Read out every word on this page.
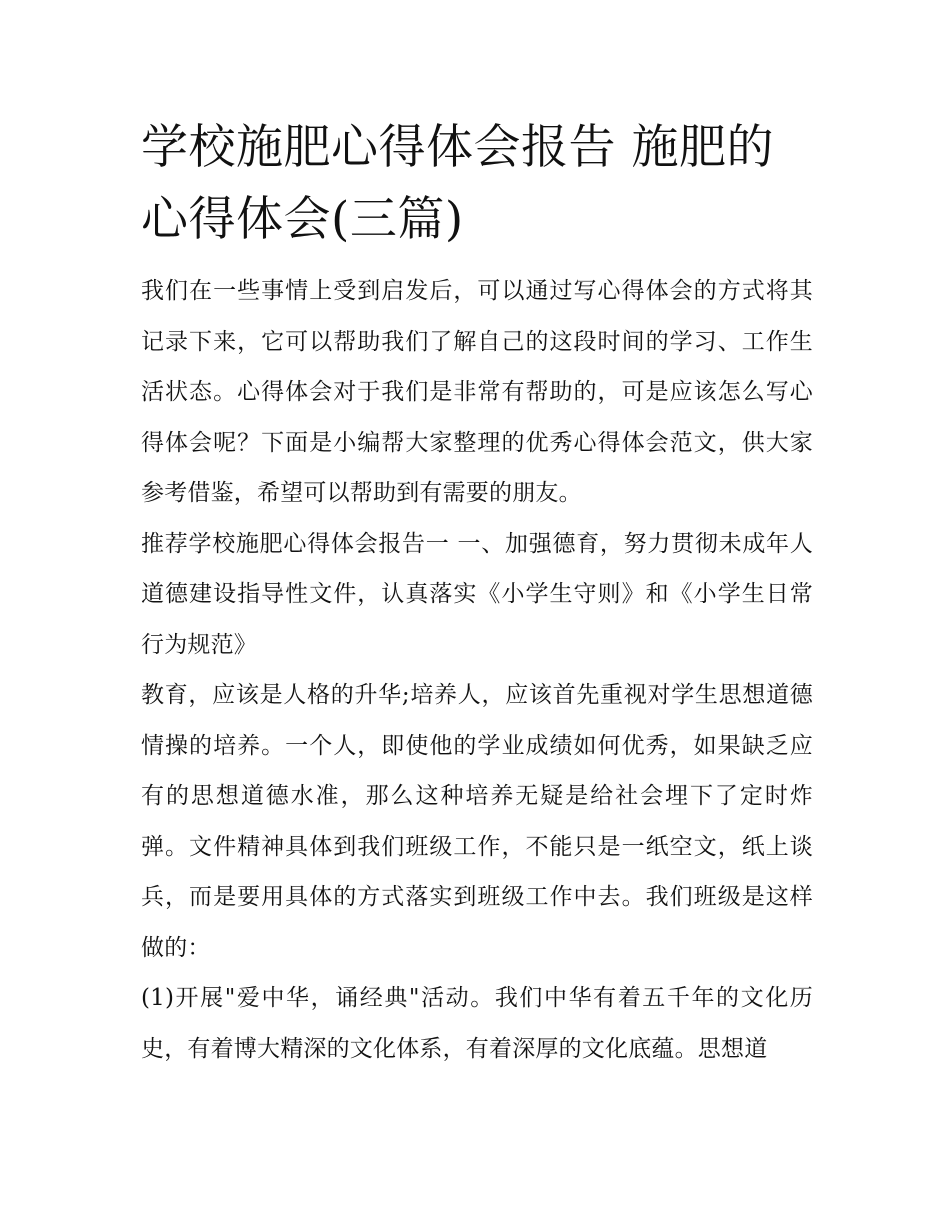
学校施肥心得体会报告 施肥的心得体会(三篇)

我们在一些事情上受到启发后，可以通过写心得体会的方式将其记录下来，它可以帮助我们了解自己的这段时间的学习、工作生活状态。心得体会对于我们是非常有帮助的，可是应该怎么写心得体会呢？下面是小编帮大家整理的优秀心得体会范文，供大家参考借鉴，希望可以帮助到有需要的朋友。

推荐学校施肥心得体会报告一 一、加强德育，努力贯彻未成年人道德建设指导性文件，认真落实《小学生守则》和《小学生日常行为规范》

教育，应该是人格的升华;培养人，应该首先重视对学生思想道德情操的培养。一个人，即使他的学业成绩如何优秀，如果缺乏应有的思想道德水准，那么这种培养无疑是给社会埋下了定时炸弹。文件精神具体到我们班级工作，不能只是一纸空文，纸上谈兵，而是要用具体的方式落实到班级工作中去。我们班级是这样做的：

(1)开展"爱中华，诵经典"活动。我们中华有着五千年的文化历史，有着博大精深的文化体系，有着深厚的文化底蕴。思想道
